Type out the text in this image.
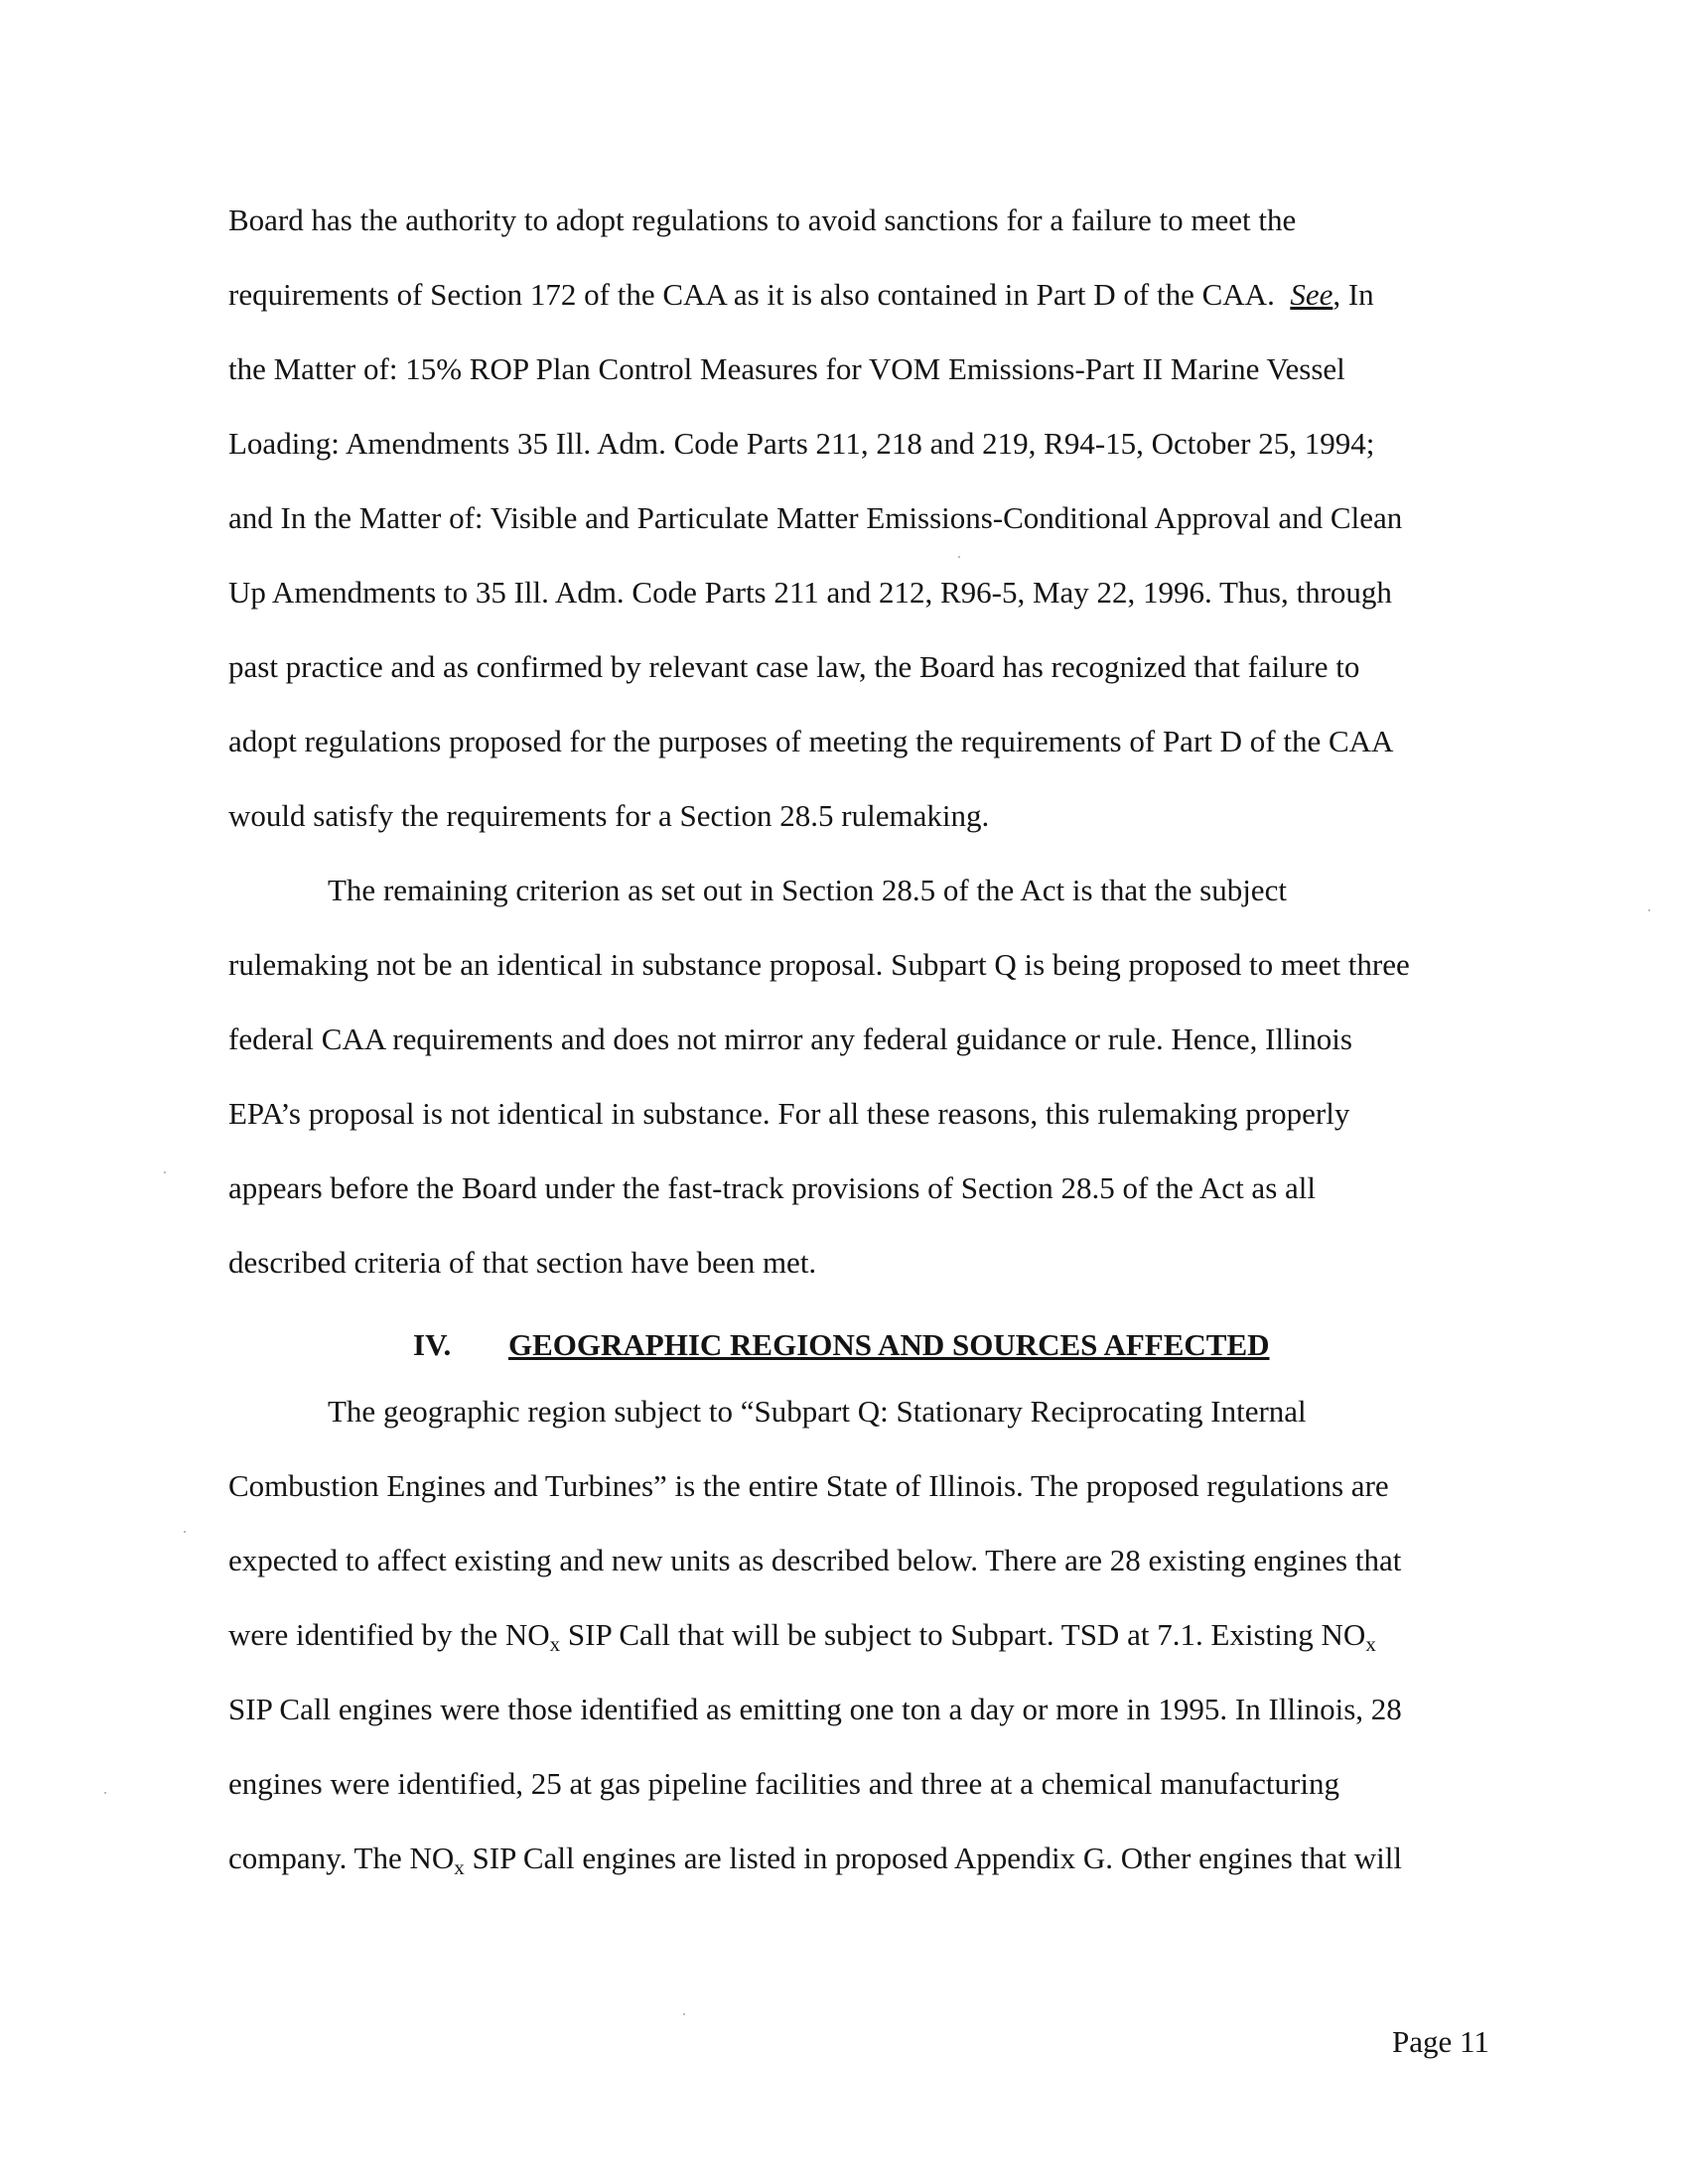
Board has the authority to adopt regulations to avoid sanctions for a failure to meet the
requirements of Section 172 of the CAA as it is also contained in Part D of the CAA. See, In
the Matter of: 15% ROP Plan Control Measures for VOM Emissions-Part II Marine Vessel
Loading: Amendments 35 Ill. Adm. Code Parts 211, 218 and 219, R94-15, October 25, 1994;
and In the Matter of: Visible and Particulate Matter Emissions-Conditional Approval and Clean
Up Amendments to 35 Ill. Adm. Code Parts 211 and 212, R96-5, May 22, 1996. Thus, through
past practice and as confirmed by relevant case law, the Board has recognized that failure to
adopt regulations proposed for the purposes of meeting the requirements of Part D of the CAA
would satisfy the requirements for a Section 28.5 rulemaking.
The remaining criterion as set out in Section 28.5 of the Act is that the subject
rulemaking not be an identical in substance proposal. Subpart Q is being proposed to meet three
federal CAA requirements and does not mirror any federal guidance or rule. Hence, Illinois
EPA’s proposal is not identical in substance. For all these reasons, this rulemaking properly
appears before the Board under the fast-track provisions of Section 28.5 of the Act as all
described criteria of that section have been met.
IV. GEOGRAPHIC REGIONS AND SOURCES AFFECTED
The geographic region subject to “Subpart Q: Stationary Reciprocating Internal
Combustion Engines and Turbines” is the entire State of Illinois. The proposed regulations are
expected to affect existing and new units as described below. There are 28 existing engines that
were identified by the $NO_x$ SIP Call that will be subject to Subpart. TSD at 7.1. Existing $NO_x$
SIP Call engines were those identified as emitting one ton a day or more in 1995. In Illinois, 28
engines were identified, 25 at gas pipeline facilities and three at a chemical manufacturing
company. The $NO_x$ SIP Call engines are listed in proposed Appendix G. Other engines that will
Page 11
